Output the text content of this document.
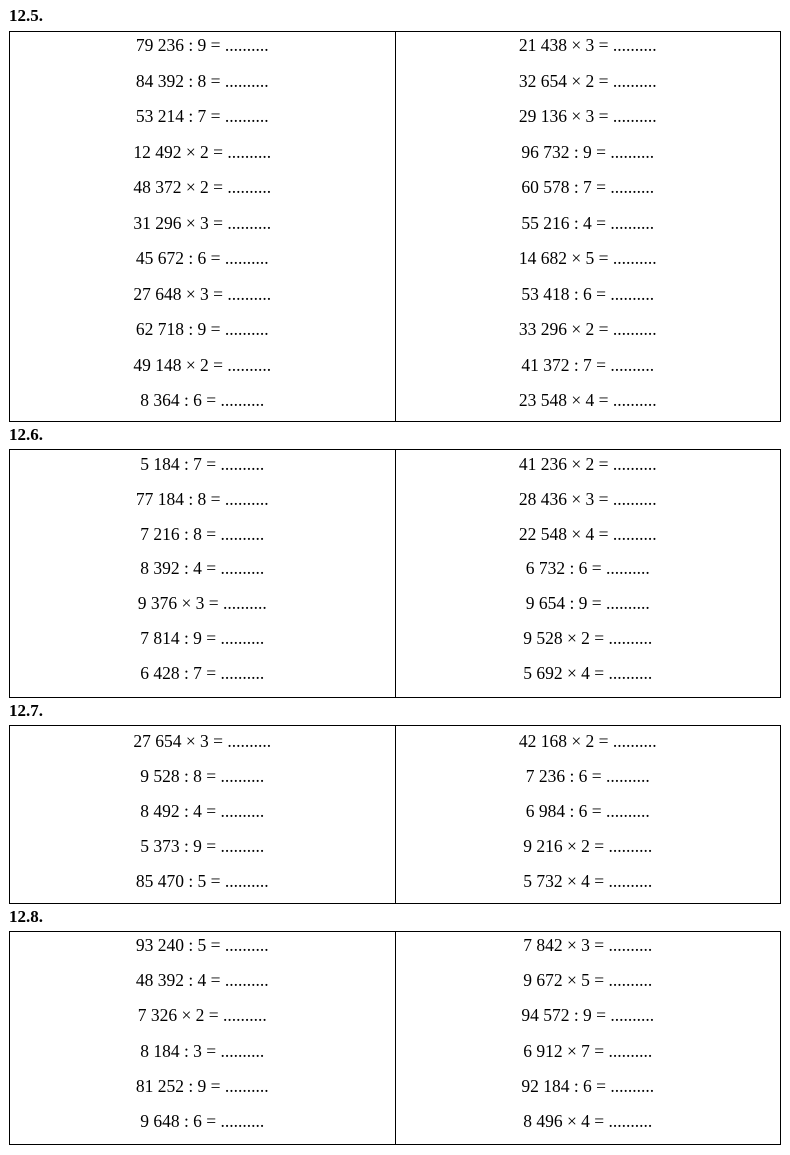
12.5.
79 236 : 9 = ..........
84 392 : 8 = ..........
53 214 : 7 = ..........
12 492 × 2 = ..........
48 372 × 2 = ..........
31 296 × 3 = ..........
45 672 : 6 = ..........
27 648 × 3 = ..........
62 718 : 9 = ..........
49 148 × 2 = ..........
8 364 : 6 = ..........
21 438 × 3 = ..........
32 654 × 2 = ..........
29 136 × 3 = ..........
96 732 : 9 = ..........
60 578 : 7 = ..........
55 216 : 4 = ..........
14 682 × 5 = ..........
53 418 : 6 = ..........
33 296 × 2 = ..........
41 372 : 7 = ..........
23 548 × 4 = ..........
12.6.
5 184 : 7 = ..........
77 184 : 8 = ..........
7 216 : 8 = ..........
8 392 : 4 = ..........
9 376 × 3 = ..........
7 814 : 9 = ..........
6 428 : 7 = ..........
41 236 × 2 = ..........
28 436 × 3 = ..........
22 548 × 4 = ..........
6 732 : 6 = ..........
9 654 : 9 = ..........
9 528 × 2 = ..........
5 692 × 4 = ..........
12.7.
27 654 × 3 = ..........
9 528 : 8 = ..........
8 492 : 4 = ..........
5 373 : 9 = ..........
85 470 : 5 = ..........
42 168 × 2 = ..........
7 236 : 6 = ..........
6 984 : 6 = ..........
9 216 × 2 = ..........
5 732 × 4 = ..........
12.8.
93 240 : 5 = ..........
48 392 : 4 = ..........
7 326 × 2 = ..........
8 184 : 3 = ..........
81 252 : 9 = ..........
9 648 : 6 = ..........
7 842 × 3 = ..........
9 672 × 5 = ..........
94 572 : 9 = ..........
6 912 × 7 = ..........
92 184 : 6 = ..........
8 496 × 4 = ..........
